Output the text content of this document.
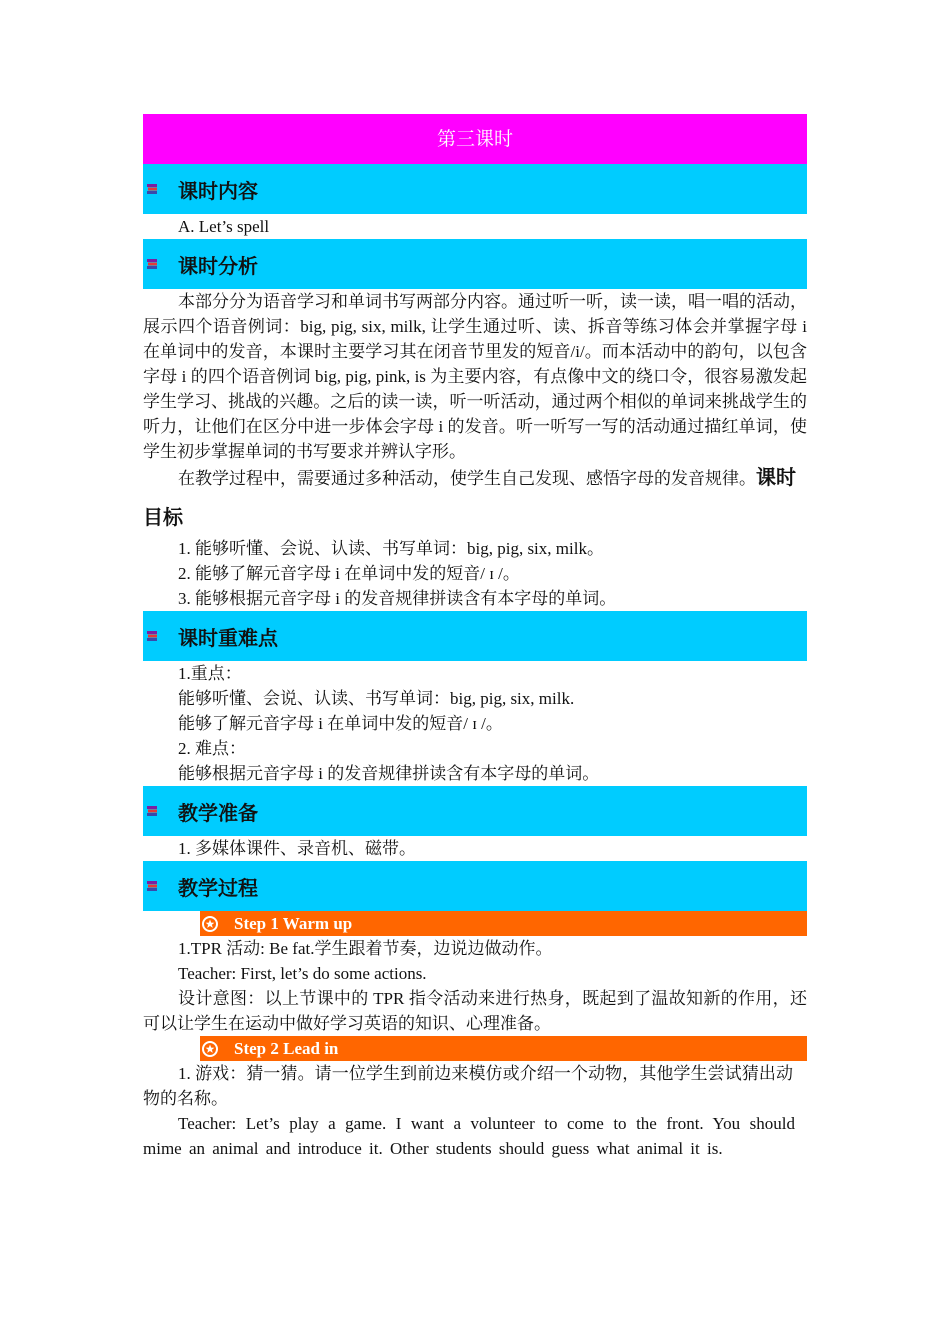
第三课时
课时内容
A. Let’s spell
课时分析
本部分分为语音学习和单词书写两部分内容。通过听一听，读一读，唱一唱的活动，展示四个语音例词：big, pig, six, milk, 让学生通过听、读、拆音等练习体会并掌握字母 i 在单词中的发音，本课时主要学习其在闭音节里发的短音/i/。而本活动中的韵句，以包含字母 i 的四个语音例词 big, pig, pink, is 为主要内容，有点像中文的绕口令，很容易激发起学生学习、挑战的兴趣。之后的读一读，听一听活动，通过两个相似的单词来挑战学生的听力，让他们在区分中进一步体会字母 i 的发音。听一听写一写的活动通过描红单词，使学生初步掌握单词的书写要求并辨认字形。
在教学过程中，需要通过多种活动，使学生自己发现、感悟字母的发音规律。课时目标
1. 能够听懂、会说、认读、书写单词：big, pig, six, milk。
2. 能够了解元音字母 i 在单词中发的短音/ ɪ /。
3. 能够根据元音字母 i 的发音规律拼读含有本字母的单词。
课时重难点
1.重点：
能够听懂、会说、认读、书写单词：big, pig, six, milk.
能够了解元音字母 i 在单词中发的短音/ ɪ /。
2. 难点：
能够根据元音字母 i 的发音规律拼读含有本字母的单词。
教学准备
1. 多媒体课件、录音机、磁带。
教学过程
Step 1 Warm up
1.TPR 活动: Be fat.学生跟着节奏，边说边做动作。
Teacher: First, let’s do some actions.
设计意图：以上节课中的 TPR 指令活动来进行热身，既起到了温故知新的作用，还可以让学生在运动中做好学习英语的知识、心理准备。
Step 2 Lead in
1. 游戏：猜一猜。请一位学生到前边来模仿或介绍一个动物，其他学生尝试猜出动物的名称。
Teacher: Let’s play a game. I want a volunteer to come to the front. You should mime an animal and introduce it. Other students should guess what animal it is.
